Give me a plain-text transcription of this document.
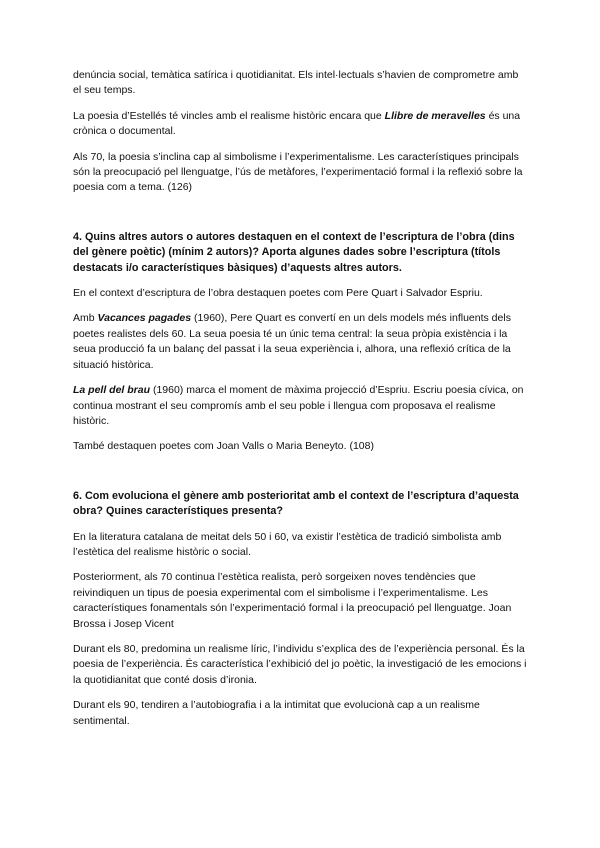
denúncia social, temàtica satírica i quotidianitat. Els intel·lectuals s’havien de comprometre amb el seu temps.

La poesia d’Estellés té vincles amb el realisme històric encara que Llibre de meravelles és una crònica o documental.

Als 70, la poesia s’inclina cap al simbolisme i l’experimentalisme. Les característiques principals són la preocupació pel llenguatge, l’ús de metàfores, l’experimentació formal i la reflexió sobre la poesia com a tema. (126)

4. Quins altres autors o autores destaquen en el context de l’escriptura de l’obra (dins del gènere poètic) (mínim 2 autors)? Aporta algunes dades sobre l’escriptura (títols destacats i/o característiques bàsiques) d’aquests altres autors.

En el context d’escriptura de l’obra destaquen poetes com Pere Quart i Salvador Espriu.

Amb Vacances pagades (1960), Pere Quart es convertí en un dels models més influents dels poetes realistes dels 60. La seua poesia té un únic tema central: la seua pròpia existència i la seua producció fa un balanç del passat i la seua experiència i, alhora, una reflexió crítica de la situació històrica.

La pell del brau (1960) marca el moment de màxima projecció d’Espriu. Escriu poesia cívica, on continua mostrant el seu compromís amb el seu poble i llengua com proposava el realisme històric.

També destaquen poetes com Joan Valls o Maria Beneyto. (108)

6. Com evoluciona el gènere amb posterioritat amb el context de l’escriptura d’aquesta obra? Quines característiques presenta?

En la literatura catalana de meitat dels 50 i 60, va existir l’estètica de tradició simbolista amb l’estètica del realisme històric o social.

Posteriorment, als 70 continua l’estètica realista, però sorgeixen noves tendències que reivindiquen un tipus de poesia experimental com el simbolisme i l’experimentalisme. Les característiques fonamentals són l’experimentació formal i la preocupació pel llenguatge. Joan Brossa i Josep Vicent

Durant els 80, predomina un realisme líric, l’individu s’explica des de l’experiència personal. És la poesia de l’experiència. És característica l’exhibició del jo poètic, la investigació de les emocions i la quotidianitat que conté dosis d’ironia.

Durant els 90, tendiren a l’autobiografia i a la intimitat que evolucionà cap a un realisme sentimental.
